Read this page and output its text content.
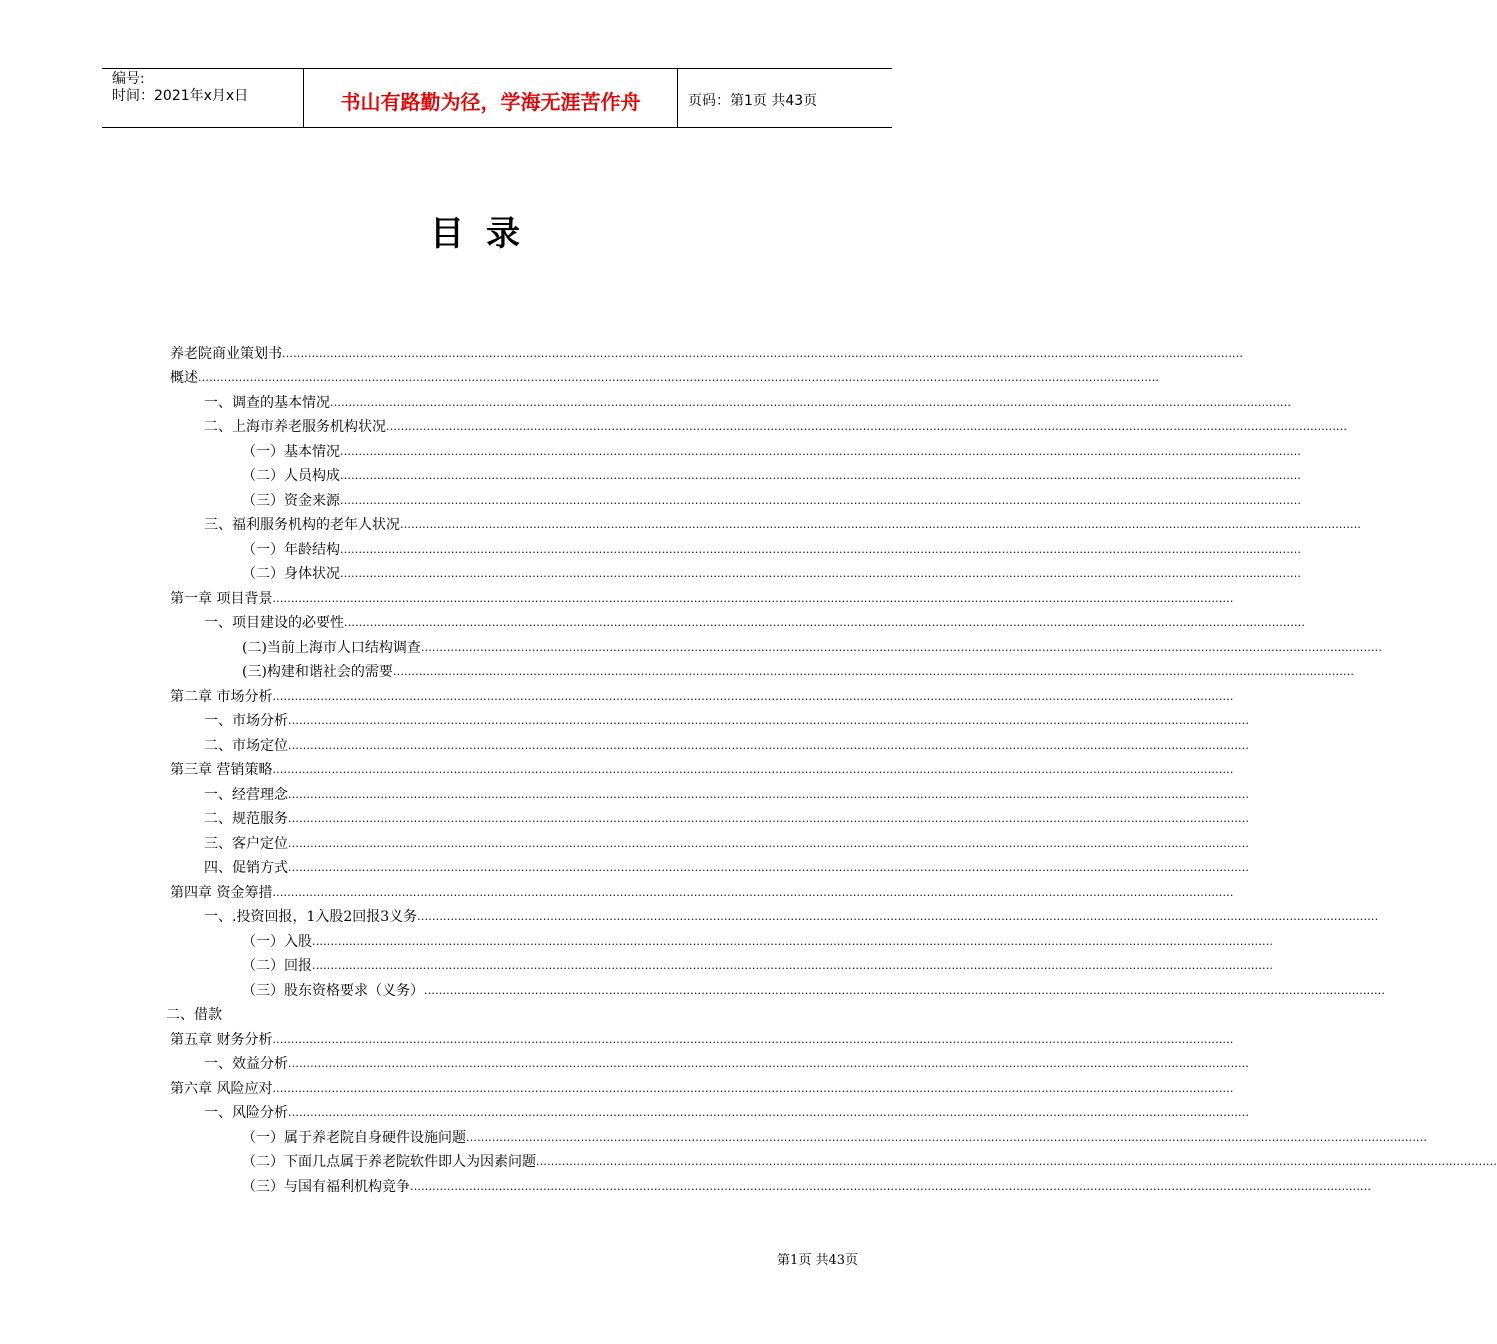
编号:
时间：2021年x月x日	书山有路勤为径，学海无涯苦作舟	页码：第1页 共43页
目录
养老院商业策划书 ....................................................................................................................................................................................................................................................................
概述 ....................................................................................................................................................................................................................................................................
一、调查的基本情况 ....................................................................................................................................................................................................................................................................
二、上海市养老服务机构状况 ....................................................................................................................................................................................................................................................................
（一）基本情况 ....................................................................................................................................................................................................................................................................
（二）人员构成 ....................................................................................................................................................................................................................................................................
（三）资金来源 ....................................................................................................................................................................................................................................................................
三、福利服务机构的老年人状况 ....................................................................................................................................................................................................................................................................
（一）年龄结构 ....................................................................................................................................................................................................................................................................
（二）身体状况 ....................................................................................................................................................................................................................................................................
第一章 项目背景 ....................................................................................................................................................................................................................................................................
一、项目建设的必要性 ....................................................................................................................................................................................................................................................................
(二)当前上海市人口结构调查 ....................................................................................................................................................................................................................................................................
(三)构建和谐社会的需要 ....................................................................................................................................................................................................................................................................
第二章 市场分析 ....................................................................................................................................................................................................................................................................
一、市场分析 ....................................................................................................................................................................................................................................................................
二、市场定位 ....................................................................................................................................................................................................................................................................
第三章 营销策略 ....................................................................................................................................................................................................................................................................
一、经营理念 ....................................................................................................................................................................................................................................................................
二、规范服务 ....................................................................................................................................................................................................................................................................
三、客户定位 ....................................................................................................................................................................................................................................................................
四、促销方式 ....................................................................................................................................................................................................................................................................
第四章 资金筹措 ....................................................................................................................................................................................................................................................................
一、.投资回报，1入股2回报3义务 ....................................................................................................................................................................................................................................................................
（一）入股 ....................................................................................................................................................................................................................................................................
（二）回报 ....................................................................................................................................................................................................................................................................
（三）股东资格要求（义务） ....................................................................................................................................................................................................................................................................
二、借款
第五章 财务分析 ....................................................................................................................................................................................................................................................................
一、效益分析 ....................................................................................................................................................................................................................................................................
第六章 风险应对 ....................................................................................................................................................................................................................................................................
一、风险分析 ....................................................................................................................................................................................................................................................................
（一）属于养老院自身硬件设施问题 ....................................................................................................................................................................................................................................................................
（二）下面几点属于养老院软件即人为因素问题 ....................................................................................................................................................................................................................................................................
（三）与国有福利机构竞争 ....................................................................................................................................................................................................................................................................
第1页 共43页
